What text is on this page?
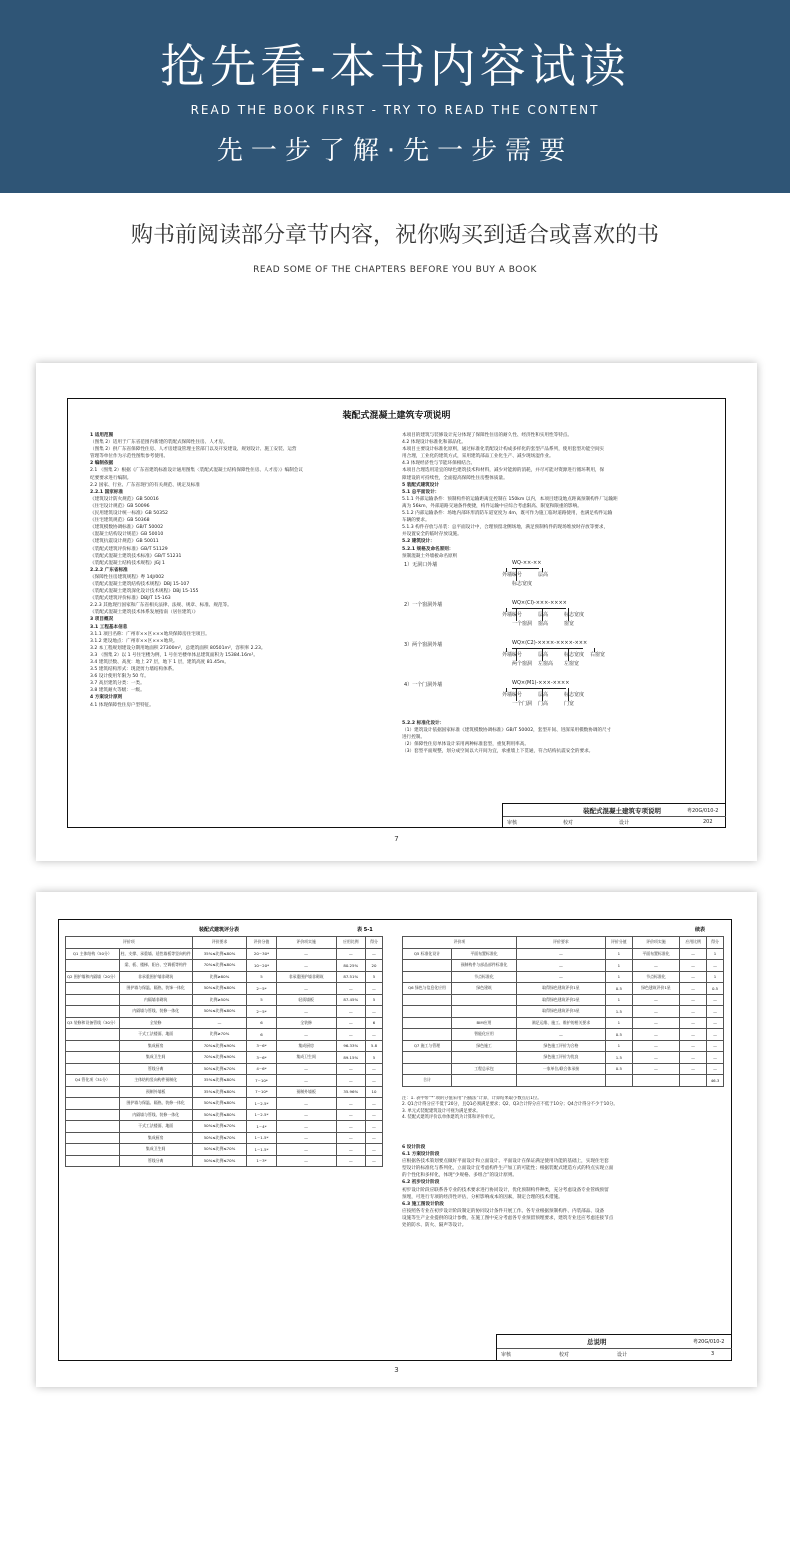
抢先看-本书内容试读
READ THE BOOK FIRST - TRY TO READ THE CONTENT
先一步了解·先一步需要
购书前阅读部分章节内容，祝你购买到适合或喜欢的书
READ SOME OF THE CHAPTERS BEFORE YOU BUY A BOOK
装配式混凝土建筑专项说明
1 适用范围
（图集 2）适用于广东省范围内新建的装配式保障性住房、人才房。
（图集 2）供广东省保障性住房、人才房建设管理主管部门以及开发建设、规划设计、施工安装、运营
管理等单位作为示范性图集参考使用。
2 编制依据
2.1 （图集 2）根据《广东省建筑标准设计通用图集〈装配式混凝土结构保障性住房、人才房〉》编制会议
纪要要求进行编制。
2.2 国家、行业、广东省现行的有关规范、规定及标准
2.2.1 国家标准
《建筑设计防火规范》GB 50016
《住宅设计规范》GB 50096
《民用建筑设计统一标准》GB 50352
《住宅建筑规范》GB 50368
《建筑模数协调标准》GB/T 50002
《混凝土结构设计规范》GB 50010
《建筑抗震设计规范》GB 50011
《装配式建筑评价标准》GB/T 51129
《装配式混凝土建筑技术标准》GB/T 51231
《装配式混凝土结构技术规程》JGJ 1
2.2.2 广东省标准
《保障性住房建筑规程》粤 14J/002
《装配式混凝土建筑结构技术规程》DBJ 15-107
《装配式混凝土建筑深化设计技术规程》DBJ 15-155
《装配式建筑评价标准》DBJ/T 15-163
2.2.3 其他现行国家和广东省相关法律、法规、规章、标准、规范等。
《装配式混凝土建筑技术体系发展指南（居住建筑）》
3 项目概况
3.1 工程基本信息
3.1.1 项目名称：广州市××区×××地块保障房住宅项目。
3.1.2 建设地点：广州市××区×××地块。
3.2 本工程规划建设分期用地面积 27300m²，总建筑面积 80501m²，容积率 2.23。
3.3 （图集 2）以 1 号住宅楼为例，1 号住宅楼单体总建筑面积为 15384.16m²。
3.4 建筑层数、高度：地上 27 层，地下 1 层，建筑高度 81.45m。
3.5 建筑结构形式：现浇剪力墙结构体系。
3.6 设计使用年限为 50 年。
3.7 高层建筑分类：一类。
3.8 建筑耐火等级：一级。
4 方案设计原则
4.1 体现保障性住房户型特征。
本项目的建筑与装修设计充分体现了保障性住房的耐久性、经济性和实用性等特点。
4.2 体现设计标准化和部品化。
本项目主要设计标准化原则，通过标准化装配设计构成多样化的套型产品系列，使用套型功能空间实
用合理，工业化的建筑方式，采用建筑部品工业化生产、减少现场湿作业。
4.3 体现经济性与节能环保相结合。
本项目合理选用适宜的绿色建筑技术和材料，减少对能源的消耗，并尽可能对资源进行循环利用，保
障建设的可持续性，全面提高保障性住房整体质量。
5 装配式建筑设计
5.1 总平面设计：
5.1.1 外部运输条件：预制构件的运输距离宜控制在 150km 以内，本项目建设地点距离预制构件厂运输距
离为 56km，外部道路交通条件便捷，构件运输中应综合考虑限高、限宽和限重的影响。
5.1.2 内部运输条件：场地内部环形消防车道宽度为 4m，既可作为施工临时道路使用，也满足构件运输
车辆的要求。
5.1.3 构件存放与吊装：总平面设计中，合理预留北侧场地，满足预制构件的现场堆放时存放等要求，
并设置安全的临时存放设施。
5.2 建筑设计：
5.2.1 规格及命名原则：
预制混凝土外墙板命名原则
1）无洞口外墙	WQ-××-××
外墙编号
标志宽度
层高
2）一个窗洞外墙	WQ×(CI)-×××-××××
外墙编号
一个窗洞
层高
窗高
标志宽度
窗宽
3）两个窗洞外墙	WQ×(C2)-××××-××××-×××
外墙编号
两个窗洞
层高
左窗高
标志宽度
左窗宽
右窗宽
4）一个门洞外墙	WQ×(M1)-×××-××××
外墙编号
一个门洞
层高
门高
标志宽度
门宽
5.2.2 标准化设计：
（1）建筑设计依据国家标准《建筑模数协调标准》GB/T 50002，套型开间、进深采用模数协调的尺寸
进行控制。
（2）保障性住房单体设计采用两种标准套型，重复利用率高。
（3）套型平面规整，划分成空间以大开间为宜，承重墙上下贯通，符合结构抗震安全的要求。
装配式混凝土建筑专项说明	粤20G/010-2
审核	校对	设计	202
7
装配式建筑评分表	表 5-1	续表
评价项		评价要求	评价分值	评价项实施	应用比例	得分
Q1 主体结构（50分）	柱、支撑、承重墙、延性墙板等竖向构件	35%≤比例≤80%	20~30*	—	—	—
	梁、板、楼梯、阳台、空调板等构件	70%≤比例≤80%	10~20*	—	80.25%	20
Q2 围护墙和内隔墙（20分）	非承重围护墙非砌筑	比例≥80%	5	非承重围护墙非砌筑	87.51%	5
	围护墙与保温、隔热、装饰一体化	50%≤比例≤80%	2~5*	—	—	—
	内隔墙非砌筑	比例≥50%	5	轻质墙板	87.45%	5
	内隔墙与管线、装修一体化	50%≤比例≤80%	2~5*	—	—	—
Q3 装修和设备管线（30分）	全装修	—	6	全装修	—	6
	干式工法楼面、地面	比例≥70%	6	—	—	—
	集成厨房	70%≤比例≤90%	3~6*	集成厨房	96.33%	5.8
	集成卫生间	70%≤比例≤90%	3~6*	集成卫生间	89.15%	5
	管线分离	50%≤比例≤70%	4~6*	—	—	—
Q4 管化项（31分）	主体结构竖向构件预制化	35%≤比例≤80%	7~10*	—	—	—
	预制外墙板	35%≤比例≤80%	7~10*	预制外墙板	35.96%	10
	围护墙与保温、隔热、装修一体化	50%≤比例≤80%	1~2.5*	—	—	—
	内隔墙与管线、装修一体化	50%≤比例≤80%	1~2.5*	—	—	—
	干式工法楼面、地面	50%≤比例≤70%	1~4*	—	—	—
	集成厨房	50%≤比例≤70%	1~1.5*	—	—	—
	集成卫生间	50%≤比例≤70%	1~1.5*	—	—	—
	管线分离	50%≤比例≤70%	1~3*	—	—	—
评价项		评价要求	评价分值	评价项实施	应用比例	得分
Q5 标准化设计	平面布置标准化	—	1	平面布置标准化	—	1
	预制构件与部品部件标准化	—	1	—	—	—
	节点标准化	—	1	节点标准化	—	1
Q6 绿色与信息化应用	绿色建筑	取得绿色建筑评价1星	0.5	绿色建筑评价1星	—	0.5
		取得绿色建筑评价2星	1	—	—	—
		取得绿色建筑评价3星	1.5	—	—	—
	BIM应用	满足运维、施工、维护的相关要求	1	—	—	—
	智能化应用	—	0.5	—	—	—
Q7 施工与管理	绿色施工	绿色施工评价为合格	1	—	—	—
		绿色施工评价为优良	1.5	—	—	—
	工程总承包	一家单位/联合体承接	0.5	—	—	—
合计						46.3
注：1. 表中带“*”项的分值采用“内插法”计算，计算结果取小数点后1位。
2. Q1合计得分应不低于20分，且Q1必须满足要求；Q2、Q3合计得分应不低于10分；Q4合计得分不少于10分。
3. 单元式装配建筑设计可视为满足要求。
4. 装配式建筑评价以单体建筑为计算和评价单元。
6 设计阶段
6.1 方案设计阶段
应根据各技术策划要点做好平面设计和立面设计。平面设计在保证满足使用功能的基础上，实现住宅套
型设计的标准化与系列化，立面设计宜考虑构件生产加工的可能性；根据装配式建造方式的特点实现立面
的个性化和多样化，体现“少规格、多组合”的设计原则。
6.2 初步设计阶段
初步设计阶段应联系各专业的技术要求进行协同设计，优化预制构件种类，充分考虑设备专业管线预留
预埋，可进行专项的经济性评估，分析影响成本的因素，制定合理的技术措施。
6.3 施工图设计阶段
应按照各专业在初步设计阶段制定的协同设计条件开展工作。各专业根据预制构件、内装部品、设备
设施等生产企业提供的设计参数，在施工图中充分考虑各专业预留预埋要求，建筑专业还应考虑连接节点
处的防水、防火、隔声等设计。
总说明	粤20G/010-2
审核	校对	设计	3
3
